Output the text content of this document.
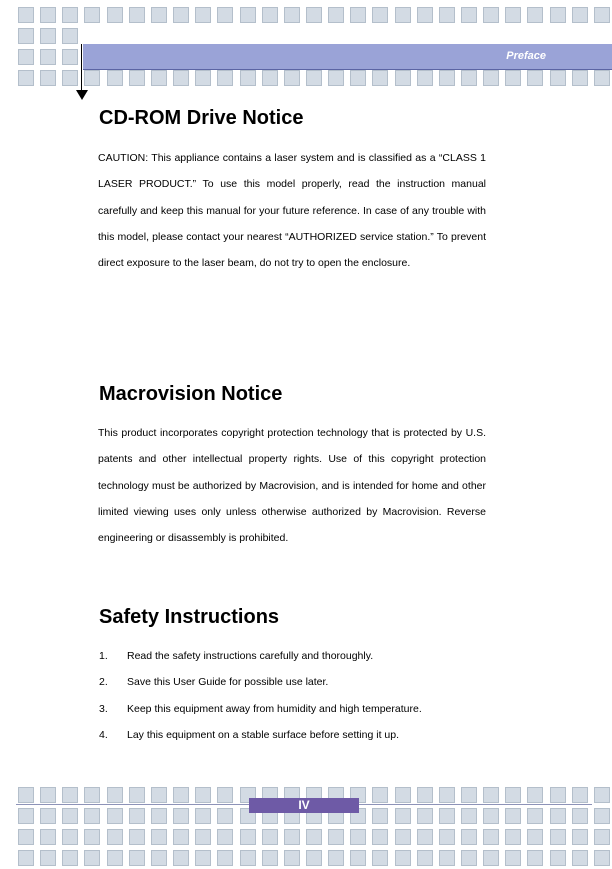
Preface
CD-ROM Drive Notice

CAUTION: This appliance contains a laser system and is classified as a “CLASS 1 LASER PRODUCT.” To use this model properly, read the instruction manual carefully and keep this manual for your future reference. In case of any trouble with this model, please contact your nearest “AUTHORIZED service station.” To prevent direct exposure to the laser beam, do not try to open the enclosure.

Macrovision Notice

This product incorporates copyright protection technology that is protected by U.S. patents and other intellectual property rights. Use of this copyright protection technology must be authorized by Macrovision, and is intended for home and other limited viewing uses only unless otherwise authorized by Macrovision. Reverse engineering or disassembly is prohibited.

Safety Instructions
1. Read the safety instructions carefully and thoroughly.
2. Save this User Guide for possible use later.
3. Keep this equipment away from humidity and high temperature.
4. Lay this equipment on a stable surface before setting it up.
IV
